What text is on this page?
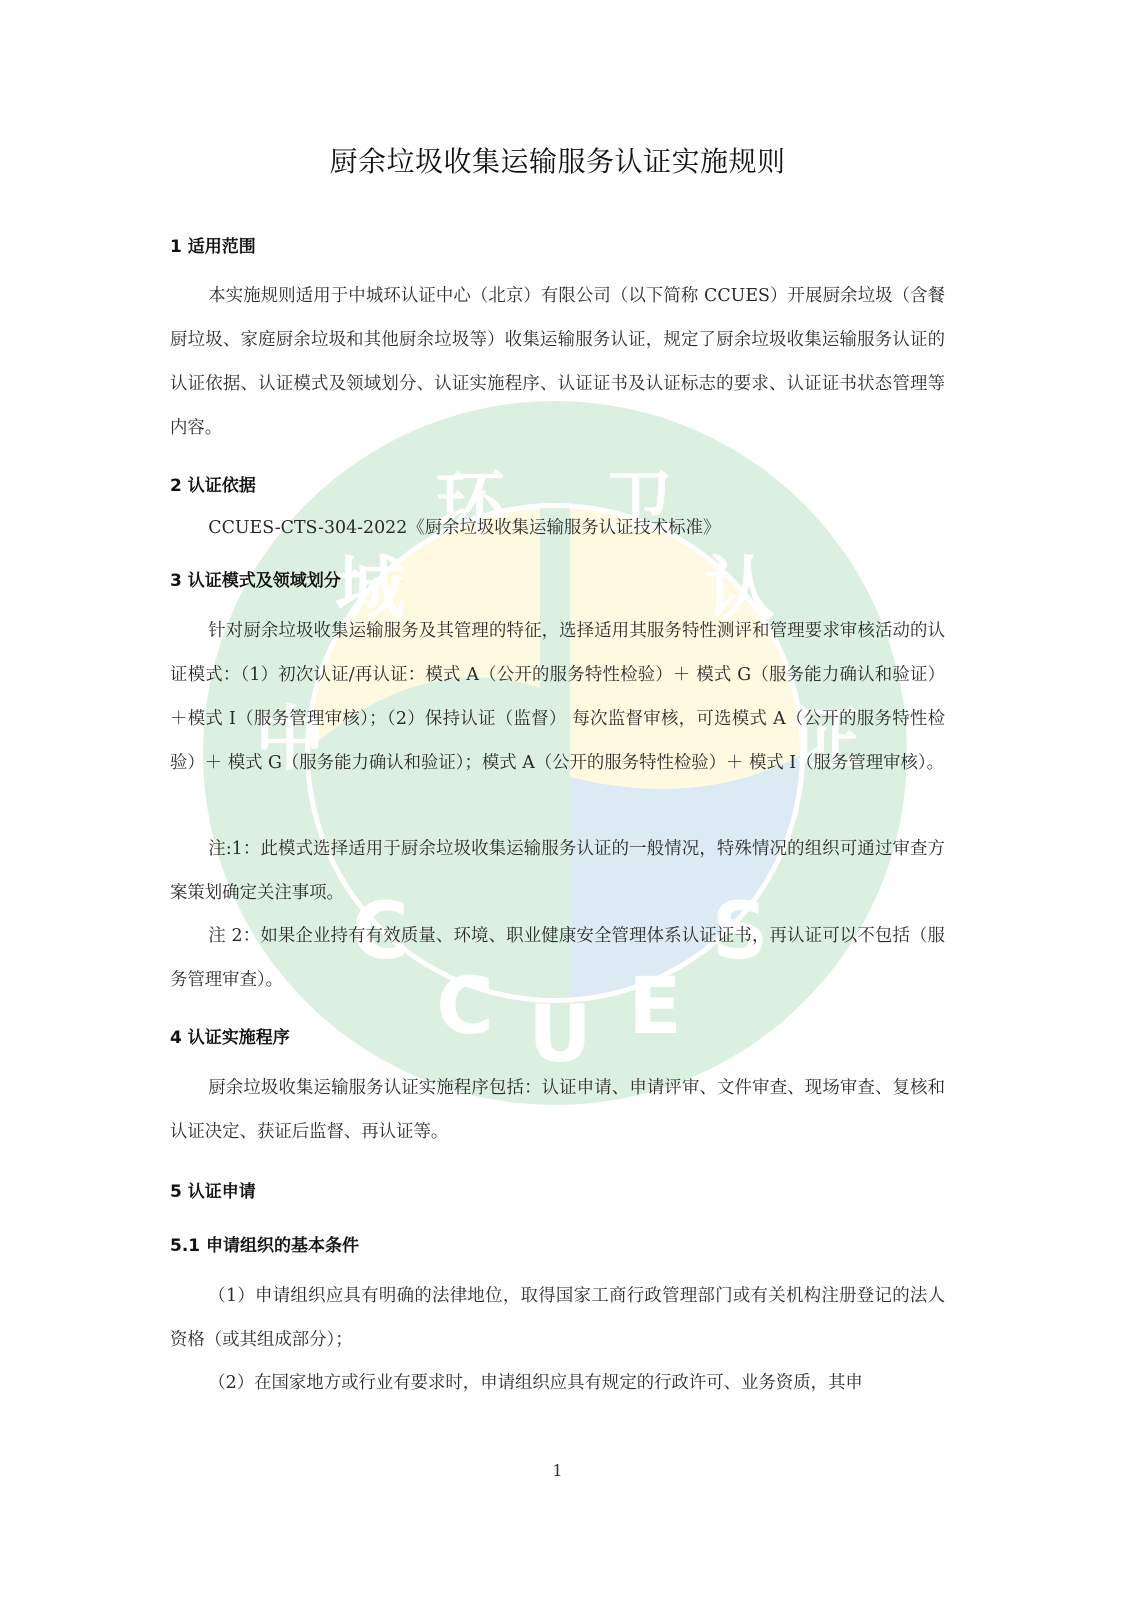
城
环 卫
认
中	证
C
C U E
S
厨余垃圾收集运输服务认证实施规则
1 适用范围

本实施规则适用于中城环认证中心（北京）有限公司（以下简称 CCUES）开展厨余垃圾（含餐厨垃圾、家庭厨余垃圾和其他厨余垃圾等）收集运输服务认证，规定了厨余垃圾收集运输服务认证的认证依据、认证模式及领域划分、认证实施程序、认证证书及认证标志的要求、认证证书状态管理等内容。

2 认证依据

CCUES-CTS-304-2022《厨余垃圾收集运输服务认证技术标准》

3 认证模式及领域划分

针对厨余垃圾收集运输服务及其管理的特征，选择适用其服务特性测评和管理要求审核活动的认证模式：（1）初次认证/再认证：模式 A（公开的服务特性检验）＋ 模式 G（服务能力确认和验证）＋模式 I（服务管理审核）；（2）保持认证（监督） 每次监督审核，可选模式 A（公开的服务特性检验）＋ 模式 G（服务能力确认和验证）；模式 A（公开的服务特性检验）＋ 模式 I（服务管理审核）。

注:1：此模式选择适用于厨余垃圾收集运输服务认证的一般情况，特殊情况的组织可通过审查方案策划确定关注事项。

注 2：如果企业持有有效质量、环境、职业健康安全管理体系认证证书，再认证可以不包括（服务管理审查）。

4 认证实施程序

厨余垃圾收集运输服务认证实施程序包括：认证申请、申请评审、文件审查、现场审查、复核和认证决定、获证后监督、再认证等。

5 认证申请
5.1 申请组织的基本条件

（1）申请组织应具有明确的法律地位，取得国家工商行政管理部门或有关机构注册登记的法人资格（或其组成部分）；

（2）在国家地方或行业有要求时，申请组织应具有规定的行政许可、业务资质，其申

1
